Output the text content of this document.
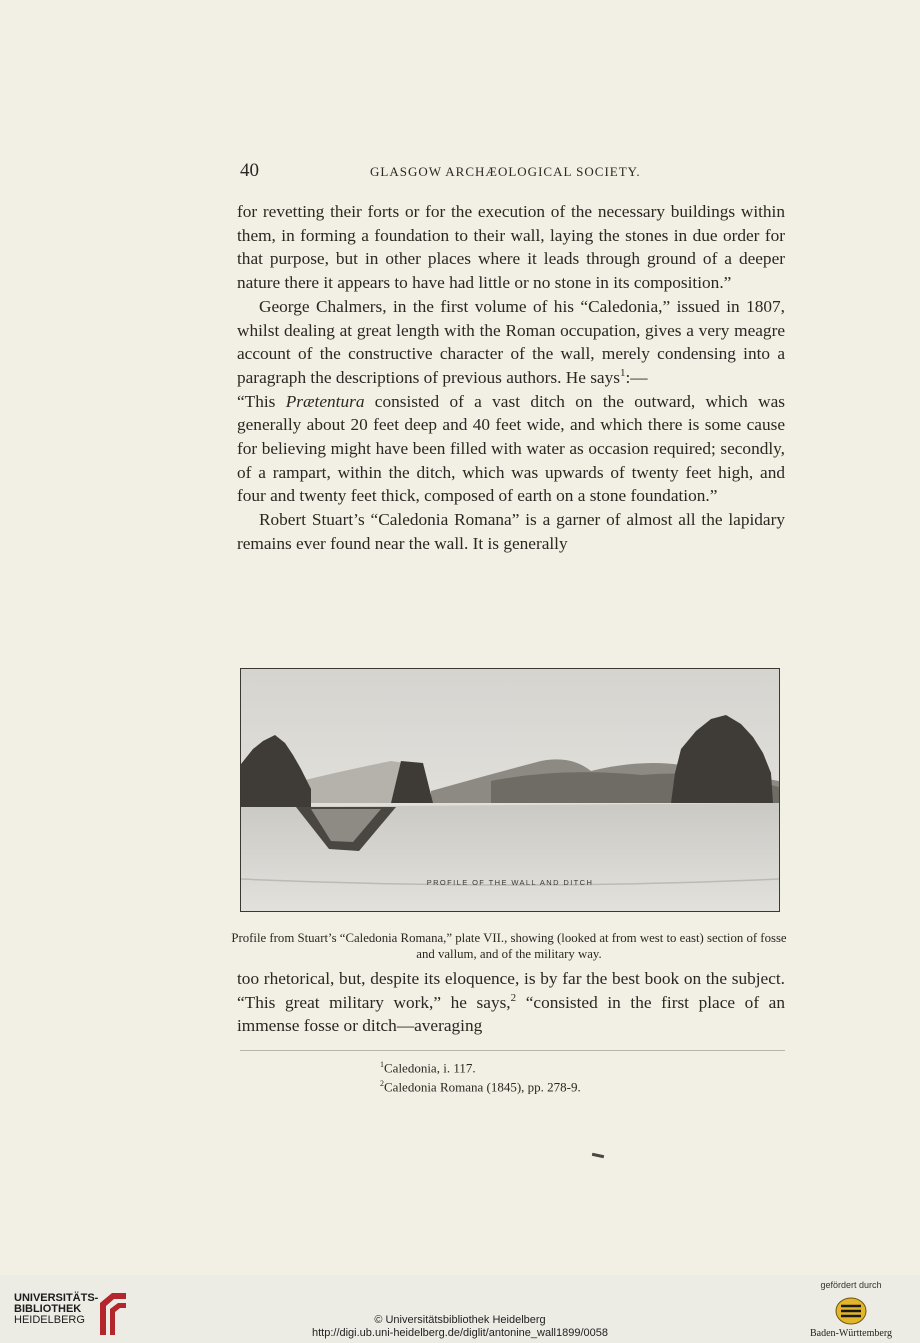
40	GLASGOW ARCHÆOLOGICAL SOCIETY.

for revetting their forts or for the execution of the necessary buildings within them, in forming a foundation to their wall, laying the stones in due order for that purpose, but in other places where it leads through ground of a deeper nature there it appears to have had little or no stone in its composition.”

George Chalmers, in the first volume of his “Caledonia,” issued in 1807, whilst dealing at great length with the Roman occupation, gives a very meagre account of the constructive character of the wall, merely condensing into a paragraph the descriptions of previous authors. He says$^1$:—

“This Prætentura consisted of a vast ditch on the outward, which was generally about 20 feet deep and 40 feet wide, and which there is some cause for believing might have been filled with water as occasion required; secondly, of a rampart, within the ditch, which was upwards of twenty feet high, and four and twenty feet thick, composed of earth on a stone foundation.”

Robert Stuart’s “Caledonia Romana” is a garner of almost all the lapidary remains ever found near the wall. It is generally

PROFILE OF THE WALL AND DITCH
Profile from Stuart’s “Caledonia Romana,” plate VII., showing (looked at from west to east) section of fosse and vallum, and of the military way.

too rhetorical, but, despite its eloquence, is by far the best book on the subject. “This great military work,” he says,$^2$ “consisted in the first place of an immense fosse or ditch—averaging

$^1$Caledonia, i. 117.
$^2$Caledonia Romana (1845), pp. 278-9.
UNIVERSITÄTS-
BIBLIOTHEK
HEIDELBERG	© Universitätsbibliothek Heidelberg
http://digi.ub.uni-heidelberg.de/diglit/antonine_wall1899/0058
gefördert durch
Baden-Württemberg
